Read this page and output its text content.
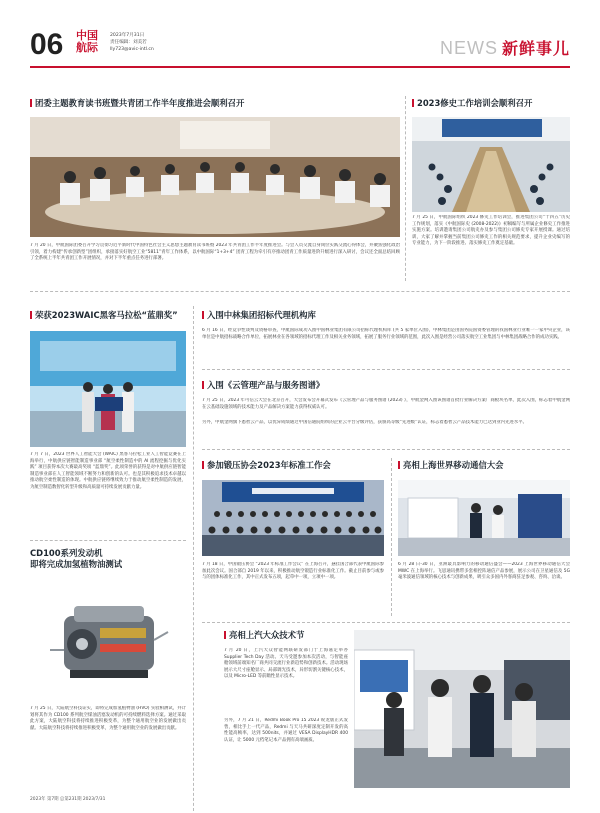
06 中国
航际
2023年7月31日
责任编辑：刘美若
lly723@avic-intl.cn	NEWS 新鲜事儿
团委主题教育读书班暨共青团工作半年度推进会顺利召开
7 月 20 日，中航国际团委召开学习贯彻习近平新时代中国特色社会主义思想主题教育读书班暨 2023 年共青团工作半年度推进会。与会人员交流自身岗位实践交流心得体会，并聚焦强化政治引领，着力构建“传承创新型”团组织，承接落实好航空工业“5811”青年工作体系，以中航国际“1+3+4” 团青工程为牵引有序推动团青工作质量进阶升级进行深入研讨，会议还全面总结回顾了全系统上半年共青团工作开展情况，并对下半年重点任务进行部署。
2023修史工作培训会顺利召开
7 月 25 日，中航国际组织 2023 修史工作培训会，推进集团公司“十四五”历史工作规划，落实《中航国际史 (2008-2022)》初稿编写与所属企业修史工作推进实施方案。培训邀请集团公司航史办及参与集团公司修史专家开展授课。通过培训，大家了解并掌握当前集团公司修史工作的相关规范要求，提升企业史编写的专业能力，为下一阶段推进、落实修史工作奠定基础。
荣获2023WAIC黑客马拉松“蓝鼎奖”
7 月 7 日，2023 世界人工智能大会 (WAIC) 黑客马拉松工业人工智能竞赛在上海举行，中航供应链智能制造事业部 “航空柔性制造中的 AI 流程挖掘与优化实践” 项目获得本次大赛最高奖项 “蓝鼎奖”。此项荣誉的获得是对中航供应链智能制造事业部在人工智能领域不断努力和创新的认可。也是其积极追求技术卓越以推动航空柔性制造的体现。中航供应链将继续致力于推动航空柔性制造的发展，为航空制造数智化转型升级和高质量可持续发展贡献力量。
入围中林集团招标代理机构库
6 月 16 日，经竞争性谈判及资格审查，中航国际成功入围中国林业集团有限公司招标代理机构库 (共 5 家单位入围)，中林集团是由国务院国资委管理的我国林业行业唯一一家中央企业，该单位是中航招标战略合作单位，拓展林业在各领域的招标代理工作及相关业务领域，拓展了服务行业领域的范围，此次入围是经营公司落实航空工业集团与中林集团战略合作的成功实践。
入围《云管理产品与服务图谱》
7 月 25 日，2023 年可信云大会在北京召开，大会发布会开幕式发布《云管理产品与服务图谱 (2023) 》，中航金网入围该图谱首批行业解决方案厂商板块名单，此次入围，标志着中航金网在云基础设施领域的技术能力及产品解决方案能力获得权威认可。
另外，中航金网旗下悉智云产品，以优异成绩通过中国信通院组织的企业云平台分级评估，获颁高等级“先进级”认证，标志着悉智云产品技术能力已达到业内先进水平。
参加锻压协会2023年标准工作会
7 月 18 日，中国锻压协会 “2023 年标准工作会议” 在上海召开，悬挂国合部代表中航国际参加此次会议。国合部自 2019 年以来，积极推动航空锻造行业标准化工作。截止目前参与或参与的团体标准化工作，其中正式发布五项，起草中一项，立项中一项。
亮相上海世界移动通信大会
6 月 28 日-30 日，亚洲最具影响力的移动通信盛会——2023 上海世界移动通信大会 MWC 在上海举行。飞思通讯携带多套相控阵通信产品参展，展示公司在卫星通信及 5G 毫米波通信领域的核心技术与创新成果，吸引众多国内外客商驻足参观、咨询、洽谈。
CD100系列发动机
即将完成加氢植物油测试
7 月 25 日，大陆航空科技证实，即将完成加氢植物油 (HVO) 实验相测试，并计划将其作为 CD100 系列航空煤油活塞发动机的可持续燃料选择方案。通过采取此方案，大陆航空科技将持续推进积极变革，为整个通用航空业的发展做出贡献。大陆航空科技将持续推进积极变革，为整个通用航空业的发展做出贡献。
亮相上汽大众技术节
7 月 20 日，上汽大众智能网联研发部门于上海嘉定举办 Supplier Tech Day 活动。天马受邀参加本次活动，与智能座舱领域前端知名厂商共同交流行业新趋势和创新技术。活动现场展示大尺寸座舱显示、局部调光技术，异形切割关键核心技术，以及 Micro-LED 等前瞻性显示技术。
另外，7 月 21 日，Redmi Book Pro 15 2023 锐龙版正式发售，相比手上一代产品，Redmi 与天马共研深度定制开发的高性能高帧率，达到 500nits，并通过 VESA DisplayHDR 400 认证，让 5000 元档笔记本产品拥有高端画质。
2023年 第7期 总第231期 2023/7/31
